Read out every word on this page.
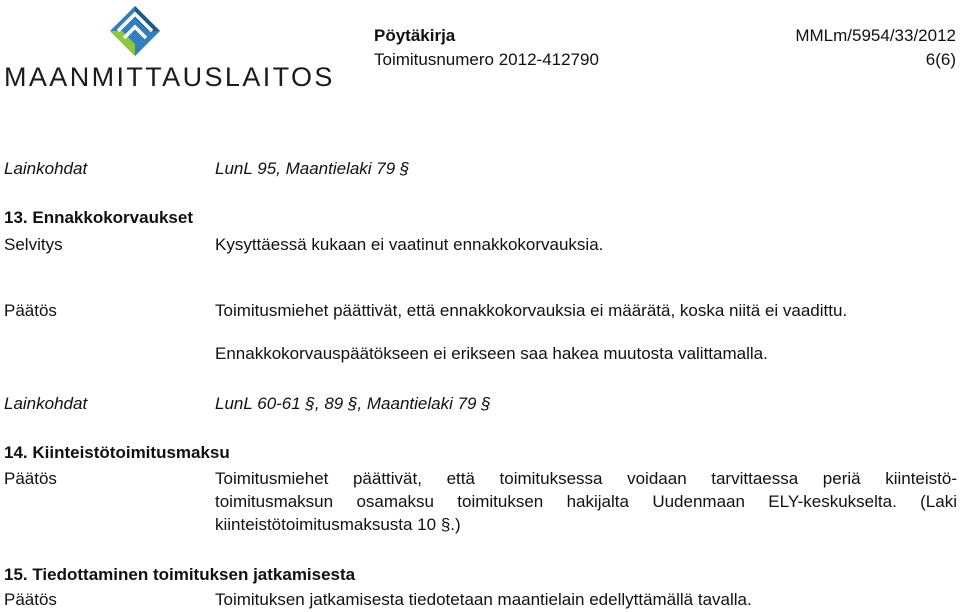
MAANMITTAUSLAITOS
Pöytäkirja	MMLm/5954/33/2012
Toimitusnumero 2012-412790	6(6)
Lainkohdat	LunL 95, Maantielaki 79 §
13. Ennakkokorvaukset
Selvitys	Kysyttäessä kukaan ei vaatinut ennakkokorvauksia.
Päätös	Toimitusmiehet päättivät, että ennakkokorvauksia ei määrätä, koska niitä ei vaadittu.
Ennakkokorvauspäätökseen ei erikseen saa hakea muutosta valittamalla.
Lainkohdat	LunL 60-61 §, 89 §, Maantielaki 79 §
14. Kiinteistötoimitusmaksu
Päätös	Toimitusmiehet päättivät, että toimituksessa voidaan tarvittaessa periä kiinteistö-
toimitusmaksun osamaksu toimituksen hakijalta Uudenmaan ELY-keskukselta. (Laki
kiinteistötoimitusmaksusta 10 §.)
15. Tiedottaminen toimituksen jatkamisesta
Päätös	Toimituksen jatkamisesta tiedotetaan maantielain edellyttämällä tavalla.
